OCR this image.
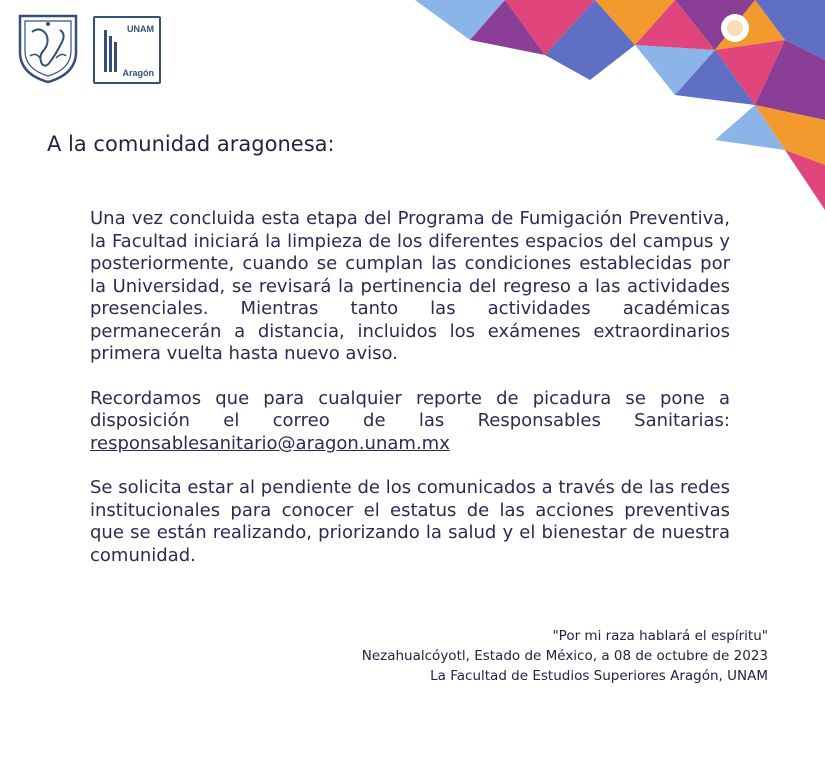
UNAM
Aragón
A la comunidad aragonesa:

Una vez concluida esta etapa del Programa de Fumigación Preventiva, la Facultad iniciará la limpieza de los diferentes espacios del campus y posteriormente, cuando se cumplan las condiciones establecidas por la Universidad, se revisará la pertinencia del regreso a las actividades presenciales. Mientras tanto las actividades académicas permanecerán a distancia, incluidos los exámenes extraordinarios primera vuelta hasta nuevo aviso.

Recordamos que para cualquier reporte de picadura se pone a disposición el correo de las Responsables Sanitarias: responsablesanitario@aragon.unam.mx

Se solicita estar al pendiente de los comunicados a través de las redes institucionales para conocer el estatus de las acciones preventivas que se están realizando, priorizando la salud y el bienestar de nuestra comunidad.

"Por mi raza hablará el espíritu"
Nezahualcóyotl, Estado de México, a 08 de octubre de 2023
La Facultad de Estudios Superiores Aragón, UNAM
